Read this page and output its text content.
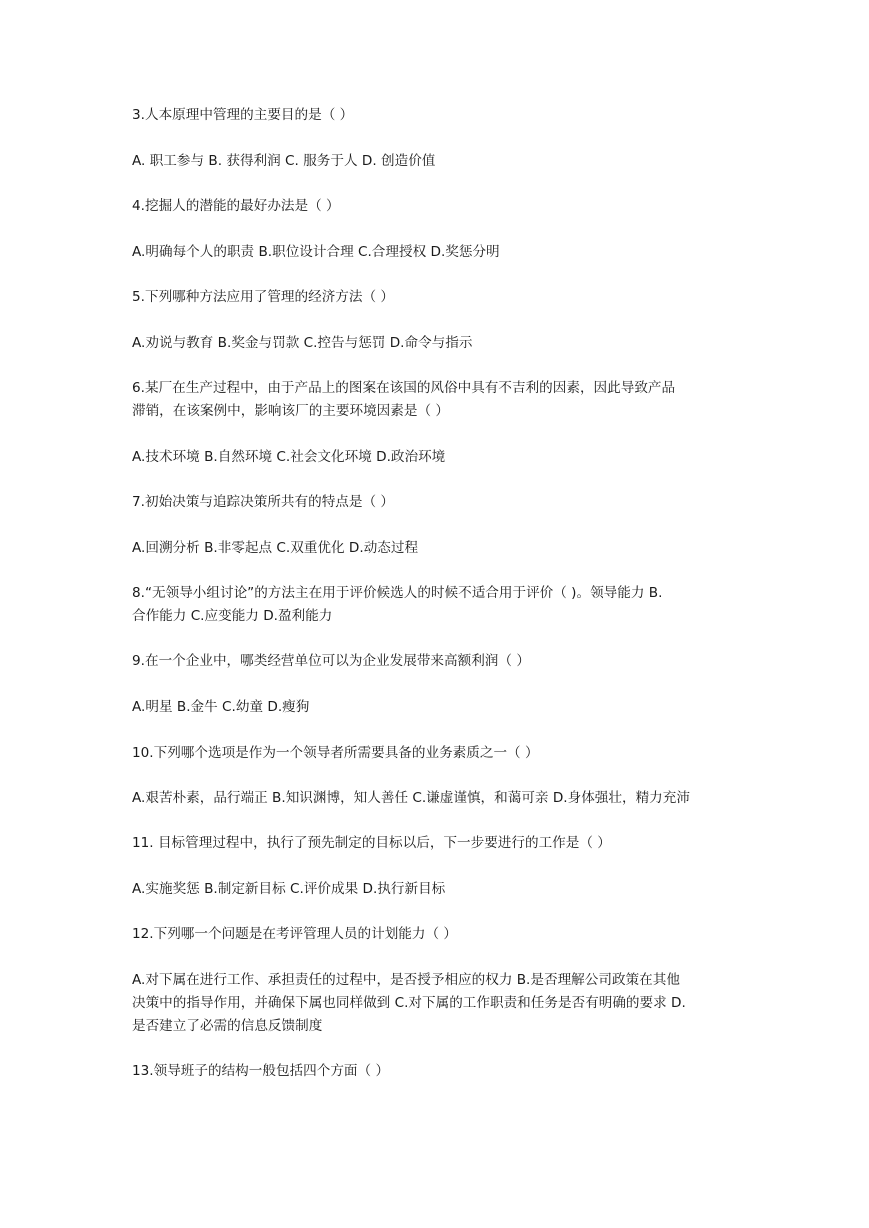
3.人本原理中管理的主要目的是（ ）
A. 职工参与 B. 获得利润 C. 服务于人 D. 创造价值
4.挖掘人的潜能的最好办法是（ ）
A.明确每个人的职责 B.职位设计合理 C.合理授权 D.奖惩分明
5.下列哪种方法应用了管理的经济方法（ ）
A.劝说与教育 B.奖金与罚款 C.控告与惩罚 D.命令与指示
6.某厂在生产过程中，由于产品上的图案在该国的风俗中具有不吉利的因素，因此导致产品
滞销，在该案例中，影响该厂的主要环境因素是（ ）
A.技术环境 B.自然环境 C.社会文化环境 D.政治环境
7.初始决策与追踪决策所共有的特点是（ ）
A.回溯分析 B.非零起点 C.双重优化 D.动态过程
8.“无领导小组讨论”的方法主在用于评价候选人的时候不适合用于评价（ )。领导能力 B.
合作能力 C.应变能力 D.盈利能力
9.在一个企业中，哪类经营单位可以为企业发展带来高额利润（ ）
A.明星 B.金牛 C.幼童 D.瘦狗
10.下列哪个选项是作为一个领导者所需要具备的业务素质之一（ ）
A.艰苦朴素，品行端正 B.知识渊博，知人善任 C.谦虚谨慎，和蔼可亲 D.身体强壮，精力充沛
11. 目标管理过程中，执行了预先制定的目标以后，下一步要进行的工作是（ ）
A.实施奖惩 B.制定新目标 C.评价成果 D.执行新目标
12.下列哪一个问题是在考评管理人员的计划能力（ ）
A.对下属在进行工作、承担责任的过程中，是否授予相应的权力 B.是否理解公司政策在其他
决策中的指导作用，并确保下属也同样做到 C.对下属的工作职责和任务是否有明确的要求 D.
是否建立了必需的信息反馈制度
13.领导班子的结构一般包括四个方面（ ）
